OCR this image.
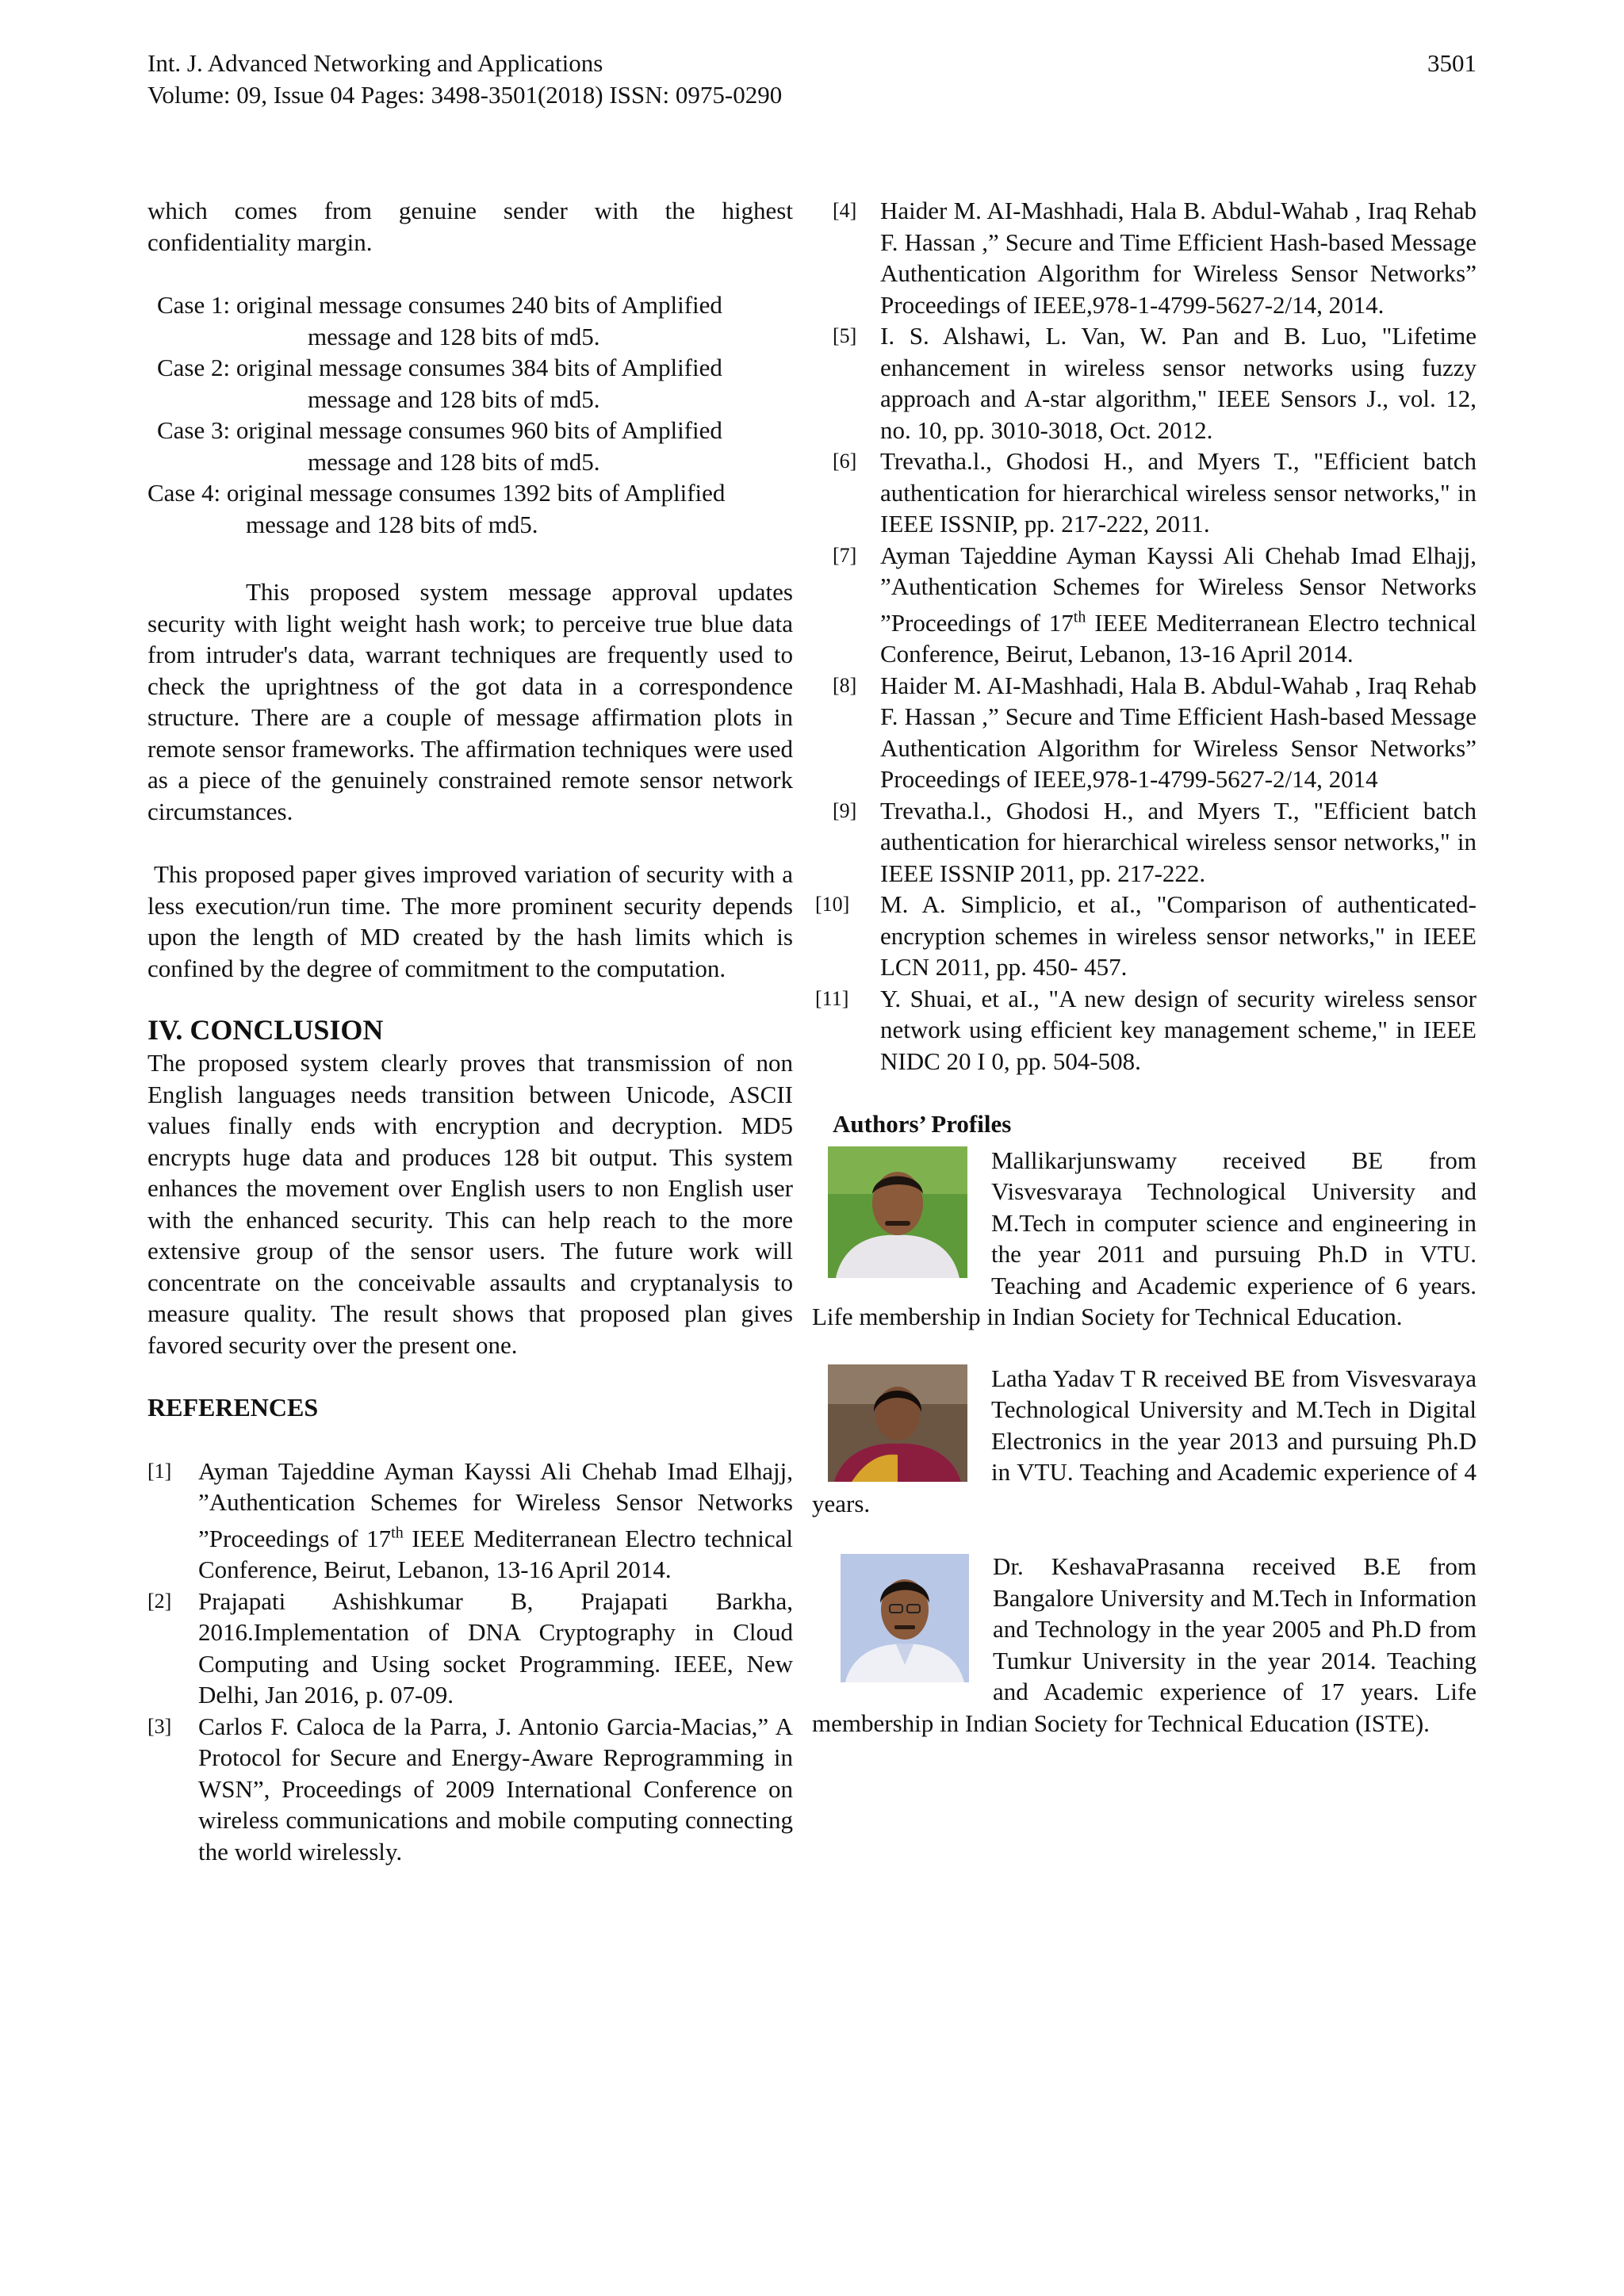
Int. J. Advanced Networking and Applications
Volume: 09, Issue 04 Pages: 3498-3501(2018) ISSN: 0975-0290
3501

which comes from genuine sender with the highest confidentiality margin.

Case 1: original message consumes 240 bits of Amplified message and 128 bits of md5.

Case 2: original message consumes 384 bits of Amplified message and 128 bits of md5.

Case 3: original message consumes 960 bits of Amplified message and 128 bits of md5.

Case 4: original message consumes 1392 bits of Amplified message and 128 bits of md5.

This proposed system message approval updates security with light weight hash work; to perceive true blue data from intruder's data, warrant techniques are frequently used to check the uprightness of the got data in a correspondence structure. There are a couple of message affirmation plots in remote sensor frameworks. The affirmation techniques were used as a piece of the genuinely constrained remote sensor network circumstances.

This proposed paper gives improved variation of security with a less execution/run time. The more prominent security depends upon the length of MD created by the hash limits which is confined by the degree of commitment to the computation.

IV. CONCLUSION

The proposed system clearly proves that transmission of non English languages needs transition between Unicode, ASCII values finally ends with encryption and decryption. MD5 encrypts huge data and produces 128 bit output. This system enhances the movement over English users to non English user with the enhanced security. This can help reach to the more extensive group of the sensor users. The future work will concentrate on the conceivable assaults and cryptanalysis to measure quality. The result shows that proposed plan gives favored security over the present one.

REFERENCES

[1] Ayman Tajeddine Ayman Kayssi Ali Chehab Imad Elhajj, ”Authentication Schemes for Wireless Sensor Networks ”Proceedings of 17th IEEE Mediterranean Electro technical Conference, Beirut, Lebanon, 13-16 April 2014.

[2] Prajapati Ashishkumar B, Prajapati Barkha, 2016.Implementation of DNA Cryptography in Cloud Computing and Using socket Programming. IEEE, New Delhi, Jan 2016, p. 07-09.

[3] Carlos F. Caloca de la Parra, J. Antonio Garcia-Macias,” A Protocol for Secure and Energy-Aware Reprogramming in WSN”, Proceedings of 2009 International Conference on wireless communications and mobile computing connecting the world wirelessly.

[4] Haider M. AI-Mashhadi, Hala B. Abdul-Wahab , Iraq Rehab F. Hassan ,” Secure and Time Efficient Hash-based Message Authentication Algorithm for Wireless Sensor Networks” Proceedings of IEEE,978-1-4799-5627-2/14, 2014.

[5] I. S. Alshawi, L. Van, W. Pan and B. Luo, "Lifetime enhancement in wireless sensor networks using fuzzy approach and A-star algorithm," IEEE Sensors J., vol. 12, no. 10, pp. 3010-3018, Oct. 2012.

[6] Trevatha.l., Ghodosi H., and Myers T., "Efficient batch authentication for hierarchical wireless sensor networks," in IEEE ISSNIP, pp. 217-222, 2011.

[7] Ayman Tajeddine Ayman Kayssi Ali Chehab Imad Elhajj, ”Authentication Schemes for Wireless Sensor Networks ”Proceedings of 17th IEEE Mediterranean Electro technical Conference, Beirut, Lebanon, 13-16 April 2014.

[8] Haider M. AI-Mashhadi, Hala B. Abdul-Wahab , Iraq Rehab F. Hassan ,” Secure and Time Efficient Hash-based Message Authentication Algorithm for Wireless Sensor Networks” Proceedings of IEEE,978-1-4799-5627-2/14, 2014

[9] Trevatha.l., Ghodosi H., and Myers T., "Efficient batch authentication for hierarchical wireless sensor networks," in IEEE ISSNIP 2011, pp. 217-222.

[10] M. A. Simplicio, et aI., "Comparison of authenticated-encryption schemes in wireless sensor networks," in IEEE LCN 2011, pp. 450- 457.

[11] Y. Shuai, et aI., "A new design of security wireless sensor network using efficient key management scheme," in IEEE NIDC 20 I 0, pp. 504-508.

Authors’ Profiles

Mallikarjunswamy received BE from Visvesvaraya Technological University and M.Tech in computer science and engineering in the year 2011 and pursuing Ph.D in VTU. Teaching and Academic experience of 6 years. Life membership in Indian Society for Technical Education.

Latha Yadav T R received BE from Visvesvaraya Technological University and M.Tech in Digital Electronics in the year 2013 and pursuing Ph.D in VTU. Teaching and Academic experience of 4 years.

Dr. KeshavaPrasanna received B.E from Bangalore University and M.Tech in Information and Technology in the year 2005 and Ph.D from Tumkur University in the year 2014. Teaching and Academic experience of 17 years. Life membership in Indian Society for Technical Education (ISTE).
